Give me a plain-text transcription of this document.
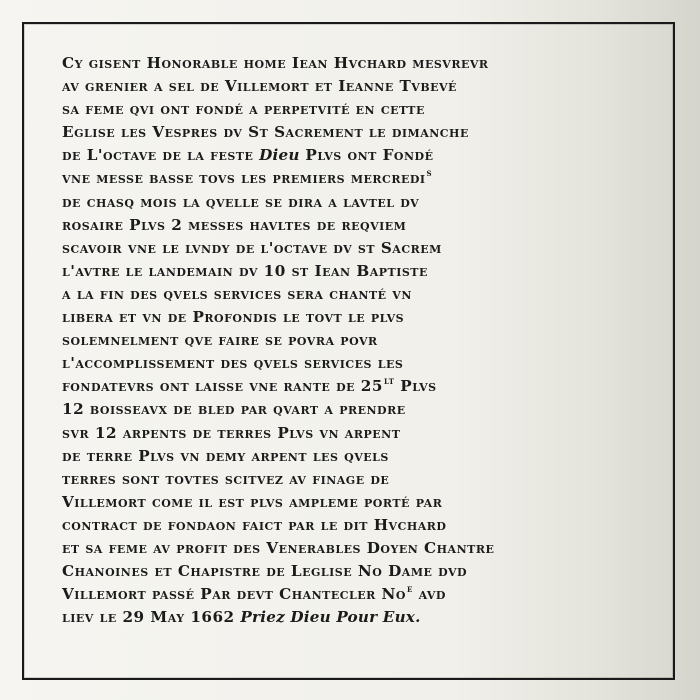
Cy gisent Honorable home Iean Hvchard mesvrevr
av grenier a sel de Villemort et Ieanne Tvbevé
sa feme qvi ont fondé a perpetvité en cette
Eglise les Vespres dv St Sacrement le dimanche
de L'octave de la feste Dieu Plvs ont Fondé
vne messe basse tovs les premiers mercredi$^s$
de chasq mois la qvelle se dira a lavtel dv
rosaire Plvs 2 messes havltes de reqviem
scavoir vne le lvndy de l'octave dv st Sacrem
l'avtre le landemain dv 10 st Iean Baptiste
a la fin des qvels services sera chanté vn
libera et vn de Profondis le tovt le plvs
solemnelment qve faire se povra povr
l'accomplissement des qvels services les
fondatevrs ont laisse vne rante de $25^{lt}$ Plvs
12 boisseavx de bled par qvart a prendre
svr 12 arpents de terres Plvs vn arpent
de terre Plvs vn demy arpent les qvels
terres sont tovtes scitvez av finage de
Villemort come il est plvs ampleme porté par
contract de fondaon faict par le dit Hvchard
et sa feme av profit des Venerables Doyen Chantre
Chanoines et Chapistre de Leglise No Dame dvd
Villemort passé Par devt Chantecler No$^e$ avd
liev le 29 May 1662 Priez Dieu Pour Eux.
